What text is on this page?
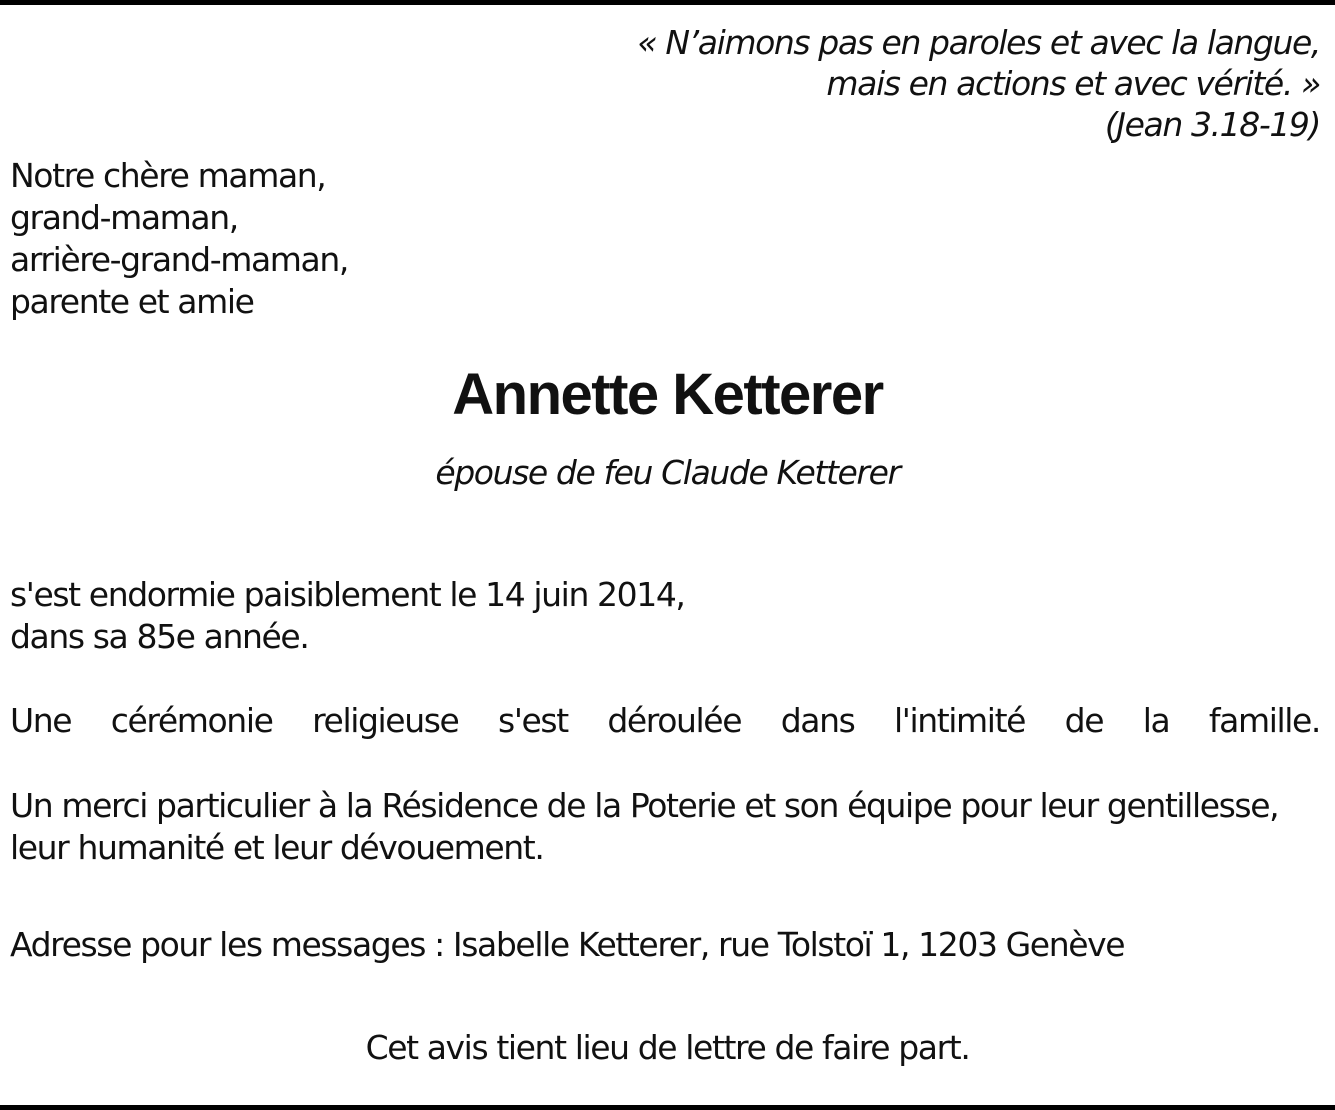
« N’aimons pas en paroles et avec la langue,
mais en actions et avec vérité. »
(Jean 3.18-19)
Notre chère maman,
grand-maman,
arrière-grand-maman,
parente et amie
Annette Ketterer
épouse de feu Claude Ketterer
s'est endormie paisiblement le 14 juin 2014,
dans sa 85e année.
Une cérémonie religieuse s'est déroulée dans l'intimité de la famille.
Un merci particulier à la Résidence de la Poterie et son équipe pour leur gentillesse,
leur humanité et leur dévouement.
Adresse pour les messages : Isabelle Ketterer, rue Tolstoï 1, 1203 Genève
Cet avis tient lieu de lettre de faire part.
